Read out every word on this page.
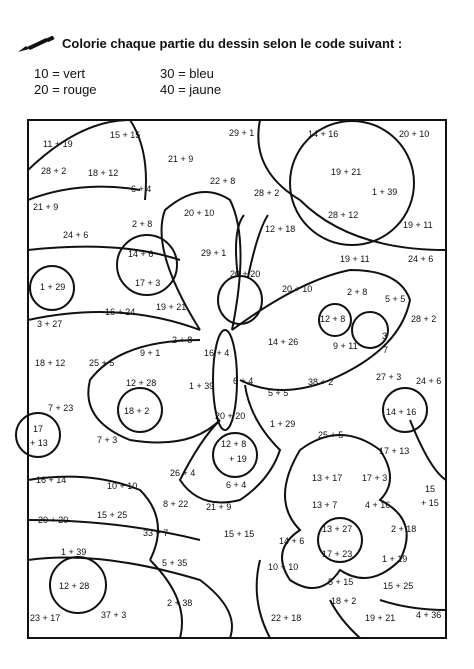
Colorie chaque partie du dessin selon le code suivant :
10 = vert
20 = rouge
30 = bleu
40 = jaune
11 + 19
15 + 15	29 + 1	14 + 16	20 + 10
28 + 2 18 + 12
21 + 9
19 + 21
21 + 9
6 + 4
22 + 8
28 + 2	1 + 39
24 + 6
2 + 8
20 + 10
12 + 18
28 + 12
19 + 11
14 + 6	29 + 1
17 + 3
19 + 11	24 + 6
1 + 29
20 + 20
20 + 10	2 + 8
16 + 24 19 + 21
12 + 8
5 + 5
3 + 27
2 + 8	14 + 26	9 + 11
3
28 + 2
9 + 1	16 + 4	7
18 + 12	25 + 5
12 + 28	1 + 39 6 + 4	38 + 2	27 + 3 24 + 6
5 + 5
18 + 2	20 + 20	14 + 16
7 + 23
17
+ 13	12 + 8
1 + 29
25 + 5
7 + 3
+ 19
17 + 13
26 + 4
6 + 4
13 + 17 17 + 3
16 + 14
10 + 10
8 + 22 21 + 9	13 + 7	4 + 16
15
+ 15
20 + 20	15 + 25
33 + 7	15 + 15	13 + 27	2 + 18
14 + 6
17 + 23
1 + 39
5 + 35	10 + 10
1 + 19
12 + 28	5 + 15	15 + 25
2 + 38
37 + 3	22 + 18
18 + 2
23 + 17	19 + 21 4 + 36
